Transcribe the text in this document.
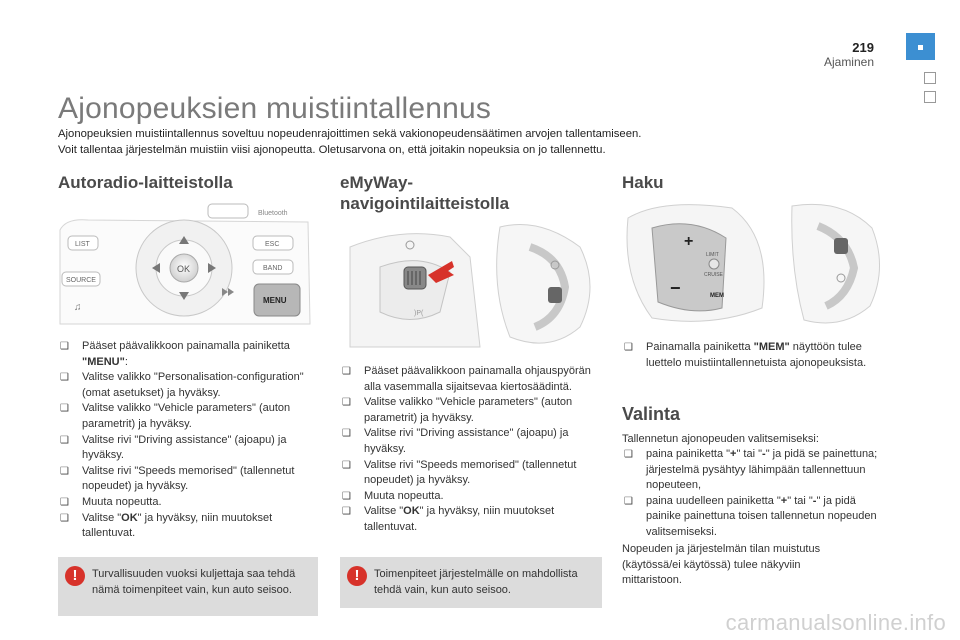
219
Ajaminen
Ajonopeuksien muistiintallennus
Ajonopeuksien muistiintallennus soveltuu nopeudenrajoittimen sekä vakionopeudensäätimen arvojen tallentamiseen.
Voit tallentaa järjestelmän muistiin viisi ajonopeutta. Oletusarvona on, että joitakin nopeuksia on jo tallennettu.
Autoradio-laitteistolla
Bluetooth
LIST	ESC
BAND
SOURCE
OK
♫
MENU
❑ Pääset päävalikkoon painamalla painiketta "MENU":
❑ Valitse valikko "Personalisation-configuration" (omat asetukset) ja hyväksy.
❑ Valitse valikko "Vehicle parameters" (auton parametrit) ja hyväksy.
❑ Valitse rivi "Driving assistance" (ajoapu) ja hyväksy.
❑ Valitse rivi "Speeds memorised" (tallennetut nopeudet) ja hyväksy.
❑ Muuta nopeutta.
❑ Valitse "OK" ja hyväksy, niin muutokset tallentuvat.
!	Turvallisuuden vuoksi kuljettaja saa tehdä nämä toimenpiteet vain, kun auto seisoo.
eMyWay-
navigointilaitteistolla
)P(
❑ Pääset päävalikkoon painamalla ohjauspyörän alla vasemmalla sijaitsevaa kiertosäädintä.
❑ Valitse valikko "Vehicle parameters" (auton parametrit) ja hyväksy.
❑ Valitse rivi "Driving assistance" (ajoapu) ja hyväksy.
❑ Valitse rivi "Speeds memorised" (tallennetut nopeudet) ja hyväksy.
❑ Muuta nopeutta.
❑ Valitse "OK" ja hyväksy, niin muutokset tallentuvat.
!	Toimenpiteet järjestelmälle on mahdollista tehdä vain, kun auto seisoo.
Haku
+
−
LIMIT
CRUISE
MEM
❑ Painamalla painiketta "MEM" näyttöön tulee luettelo muistiintallennetuista ajonopeuksista.
Valinta
Tallennetun ajonopeuden valitsemiseksi:
❑ paina painiketta "+" tai "-" ja pidä se painettuna; järjestelmä pysähtyy lähimpään tallennettuun nopeuteen,
❑ paina uudelleen painiketta "+" tai "-" ja pidä painike painettuna toisen tallennetun nopeuden valitsemiseksi.
Nopeuden ja järjestelmän tilan muistutus (käytössä/ei käytössä) tulee näkyviin mittaristoon.
carmanualsonline.info
